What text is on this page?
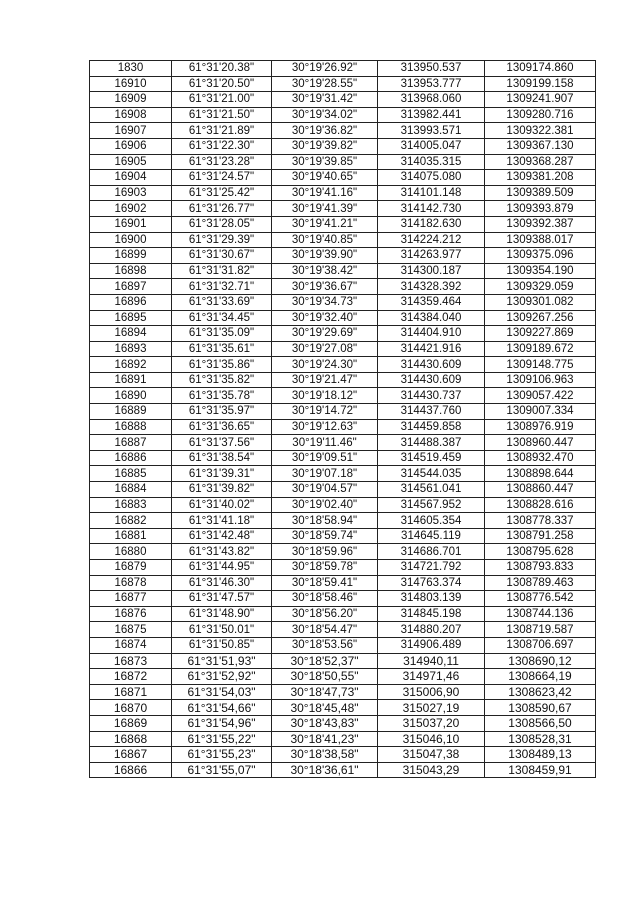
1830	61°31'20.38"	30°19'26.92"	313950.537	1309174.860
16910	61°31'20.50"	30°19'28.55"	313953.777	1309199.158
16909	61°31'21.00"	30°19'31.42"	313968.060	1309241.907
16908	61°31'21.50"	30°19'34.02"	313982.441	1309280.716
16907	61°31'21.89"	30°19'36.82"	313993.571	1309322.381
16906	61°31'22.30"	30°19'39.82"	314005.047	1309367.130
16905	61°31'23.28"	30°19'39.85"	314035.315	1309368.287
16904	61°31'24.57"	30°19'40.65"	314075.080	1309381.208
16903	61°31'25.42"	30°19'41.16"	314101.148	1309389.509
16902	61°31'26.77"	30°19'41.39"	314142.730	1309393.879
16901	61°31'28.05"	30°19'41.21"	314182.630	1309392.387
16900	61°31'29.39"	30°19'40.85"	314224.212	1309388.017
16899	61°31'30.67"	30°19'39.90"	314263.977	1309375.096
16898	61°31'31.82"	30°19'38.42"	314300.187	1309354.190
16897	61°31'32.71"	30°19'36.67"	314328.392	1309329.059
16896	61°31'33.69"	30°19'34.73"	314359.464	1309301.082
16895	61°31'34.45"	30°19'32.40"	314384.040	1309267.256
16894	61°31'35.09"	30°19'29.69"	314404.910	1309227.869
16893	61°31'35.61"	30°19'27.08"	314421.916	1309189.672
16892	61°31'35.86"	30°19'24.30"	314430.609	1309148.775
16891	61°31'35.82"	30°19'21.47"	314430.609	1309106.963
16890	61°31'35.78"	30°19'18.12"	314430.737	1309057.422
16889	61°31'35.97"	30°19'14.72"	314437.760	1309007.334
16888	61°31'36.65"	30°19'12.63"	314459.858	1308976.919
16887	61°31'37.56"	30°19'11.46"	314488.387	1308960.447
16886	61°31'38.54"	30°19'09.51"	314519.459	1308932.470
16885	61°31'39.31"	30°19'07.18"	314544.035	1308898.644
16884	61°31'39.82"	30°19'04.57"	314561.041	1308860.447
16883	61°31'40.02"	30°19'02.40"	314567.952	1308828.616
16882	61°31'41.18"	30°18'58.94"	314605.354	1308778.337
16881	61°31'42.48"	30°18'59.74"	314645.119	1308791.258
16880	61°31'43.82"	30°18'59.96"	314686.701	1308795.628
16879	61°31'44.95"	30°18'59.78"	314721.792	1308793.833
16878	61°31'46.30"	30°18'59.41"	314763.374	1308789.463
16877	61°31'47.57"	30°18'58.46"	314803.139	1308776.542
16876	61°31'48.90"	30°18'56.20"	314845.198	1308744.136
16875	61°31'50.01"	30°18'54.47"	314880.207	1308719.587
16874	61°31'50.85"	30°18'53.56"	314906.489	1308706.697
16873	61°31'51,93"	30°18'52,37"	314940,11	1308690,12
16872	61°31'52,92"	30°18'50,55"	314971,46	1308664,19
16871	61°31'54,03"	30°18'47,73"	315006,90	1308623,42
16870	61°31'54,66"	30°18'45,48"	315027,19	1308590,67
16869	61°31'54,96"	30°18'43,83"	315037,20	1308566,50
16868	61°31'55,22"	30°18'41,23"	315046,10	1308528,31
16867	61°31'55,23"	30°18'38,58"	315047,38	1308489,13
16866	61°31'55,07"	30°18'36,61"	315043,29	1308459,91
